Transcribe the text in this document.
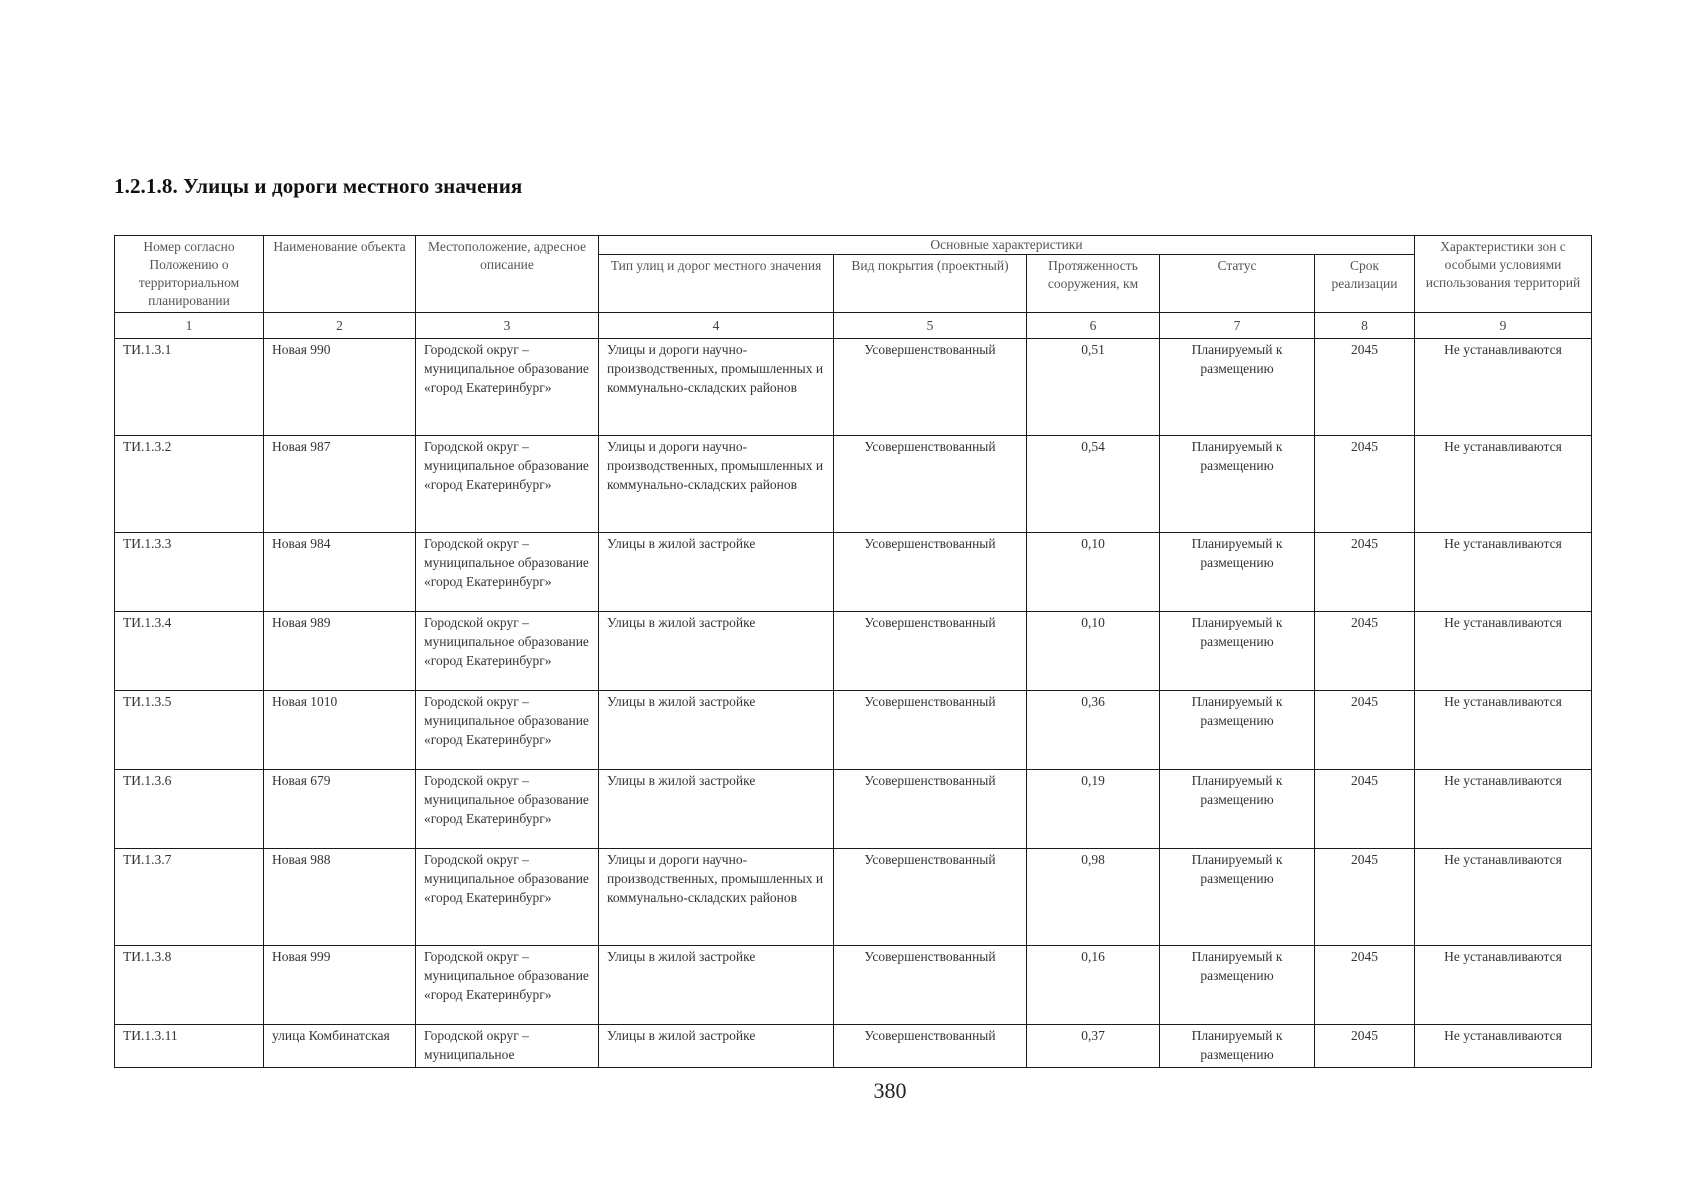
1.2.1.8. Улицы и дороги местного значения
Номер согласно Положению о территориальном планировании	Наименование объекта	Местоположение, адресное описание	Основные характеристики					Характеристики зон с особыми условиями использования территорий
			Тип улиц и дорог местного значения	Вид покрытия (проектный)	Протяженность сооружения, км	Статус	Срок реализации	
1	2	3	4	5	6	7	8	9
ТИ.1.3.1	Новая 990	Городской округ – муниципальное образование «город Екатеринбург»	Улицы и дороги научно-производственных, промышленных и коммунально-складских районов	Усовершенствованный	0,51	Планируемый к размещению	2045	Не устанавливаются
ТИ.1.3.2	Новая 987	Городской округ – муниципальное образование «город Екатеринбург»	Улицы и дороги научно-производственных, промышленных и коммунально-складских районов	Усовершенствованный	0,54	Планируемый к размещению	2045	Не устанавливаются
ТИ.1.3.3	Новая 984	Городской округ – муниципальное образование «город Екатеринбург»	Улицы в жилой застройке	Усовершенствованный	0,10	Планируемый к размещению	2045	Не устанавливаются
ТИ.1.3.4	Новая 989	Городской округ – муниципальное образование «город Екатеринбург»	Улицы в жилой застройке	Усовершенствованный	0,10	Планируемый к размещению	2045	Не устанавливаются
ТИ.1.3.5	Новая 1010	Городской округ – муниципальное образование «город Екатеринбург»	Улицы в жилой застройке	Усовершенствованный	0,36	Планируемый к размещению	2045	Не устанавливаются
ТИ.1.3.6	Новая 679	Городской округ – муниципальное образование «город Екатеринбург»	Улицы в жилой застройке	Усовершенствованный	0,19	Планируемый к размещению	2045	Не устанавливаются
ТИ.1.3.7	Новая 988	Городской округ – муниципальное образование «город Екатеринбург»	Улицы и дороги научно-производственных, промышленных и коммунально-складских районов	Усовершенствованный	0,98	Планируемый к размещению	2045	Не устанавливаются
ТИ.1.3.8	Новая 999	Городской округ – муниципальное образование «город Екатеринбург»	Улицы в жилой застройке	Усовершенствованный	0,16	Планируемый к размещению	2045	Не устанавливаются
ТИ.1.3.11	улица Комбинатская	Городской округ – муниципальное	Улицы в жилой застройке	Усовершенствованный	0,37	Планируемый к размещению	2045	Не устанавливаются
380
